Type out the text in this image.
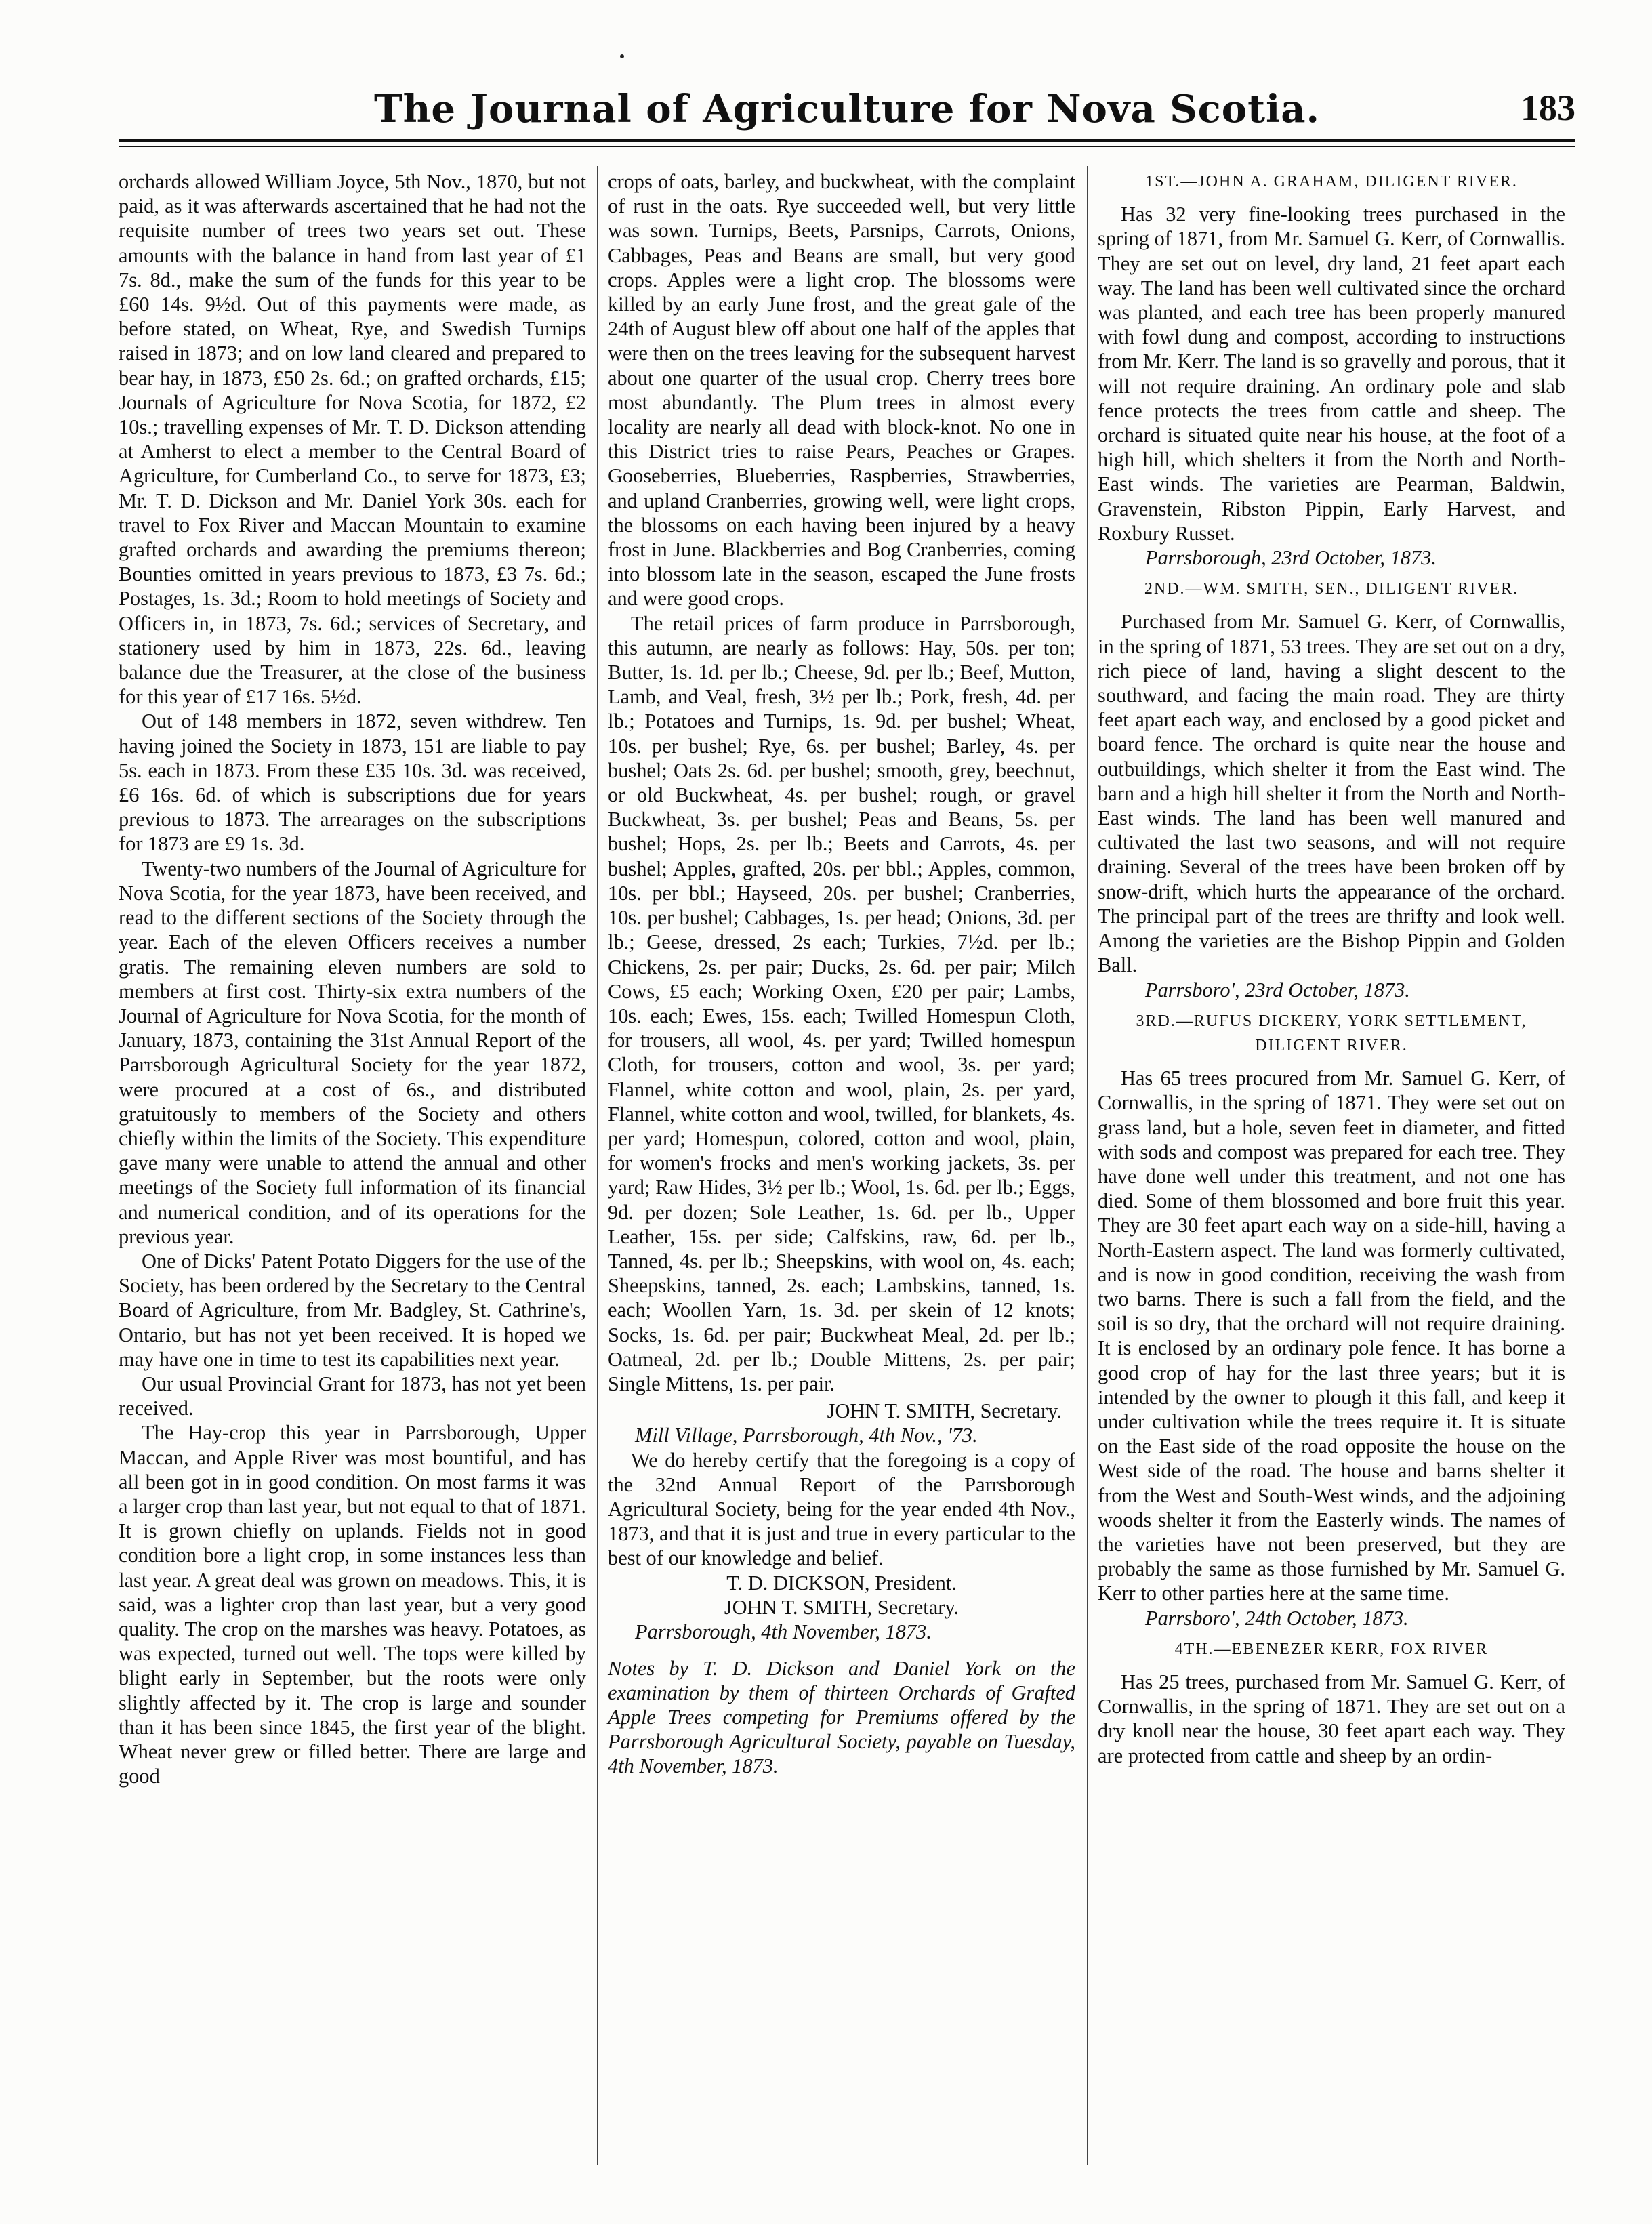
The Journal of Agriculture for Nova Scotia.	183

orchards allowed William Joyce, 5th Nov., 1870, but not paid, as it was afterwards ascertained that he had not the requisite number of trees two years set out. These amounts with the balance in hand from last year of £1 7s. 8d., make the sum of the funds for this year to be £60 14s. 9½d. Out of this payments were made, as before stated, on Wheat, Rye, and Swedish Turnips raised in 1873; and on low land cleared and prepared to bear hay, in 1873, £50 2s. 6d.; on grafted orchards, £15; Journals of Agriculture for Nova Scotia, for 1872, £2 10s.; travelling expenses of Mr. T. D. Dickson attending at Amherst to elect a member to the Central Board of Agriculture, for Cumberland Co., to serve for 1873, £3; Mr. T. D. Dickson and Mr. Daniel York 30s. each for travel to Fox River and Maccan Mountain to examine grafted orchards and awarding the premiums thereon; Bounties omitted in years previous to 1873, £3 7s. 6d.; Postages, 1s. 3d.; Room to hold meetings of Society and Officers in, in 1873, 7s. 6d.; services of Secretary, and stationery used by him in 1873, 22s. 6d., leaving balance due the Treasurer, at the close of the business for this year of £17 16s. 5½d.

Out of 148 members in 1872, seven withdrew. Ten having joined the Society in 1873, 151 are liable to pay 5s. each in 1873. From these £35 10s. 3d. was received, £6 16s. 6d. of which is subscriptions due for years previous to 1873. The arrearages on the subscriptions for 1873 are £9 1s. 3d.

Twenty-two numbers of the Journal of Agriculture for Nova Scotia, for the year 1873, have been received, and read to the different sections of the Society through the year. Each of the eleven Officers receives a number gratis. The remaining eleven numbers are sold to members at first cost. Thirty-six extra numbers of the Journal of Agriculture for Nova Scotia, for the month of January, 1873, containing the 31st Annual Report of the Parrsborough Agricultural Society for the year 1872, were procured at a cost of 6s., and distributed gratuitously to members of the Society and others chiefly within the limits of the Society. This expenditure gave many were unable to attend the annual and other meetings of the Society full information of its financial and numerical condition, and of its operations for the previous year.

One of Dicks' Patent Potato Diggers for the use of the Society, has been ordered by the Secretary to the Central Board of Agriculture, from Mr. Badgley, St. Cathrine's, Ontario, but has not yet been received. It is hoped we may have one in time to test its capabilities next year.

Our usual Provincial Grant for 1873, has not yet been received.

The Hay-crop this year in Parrsborough, Upper Maccan, and Apple River was most bountiful, and has all been got in in good condition. On most farms it was a larger crop than last year, but not equal to that of 1871. It is grown chiefly on uplands. Fields not in good condition bore a light crop, in some instances less than last year. A great deal was grown on meadows. This, it is said, was a lighter crop than last year, but a very good quality. The crop on the marshes was heavy. Potatoes, as was expected, turned out well. The tops were killed by blight early in September, but the roots were only slightly affected by it. The crop is large and sounder than it has been since 1845, the first year of the blight. Wheat never grew or filled better. There are large and good

crops of oats, barley, and buckwheat, with the complaint of rust in the oats. Rye succeeded well, but very little was sown. Turnips, Beets, Parsnips, Carrots, Onions, Cabbages, Peas and Beans are small, but very good crops. Apples were a light crop. The blossoms were killed by an early June frost, and the great gale of the 24th of August blew off about one half of the apples that were then on the trees leaving for the subsequent harvest about one quarter of the usual crop. Cherry trees bore most abundantly. The Plum trees in almost every locality are nearly all dead with block-knot. No one in this District tries to raise Pears, Peaches or Grapes. Gooseberries, Blueberries, Raspberries, Strawberries, and upland Cranberries, growing well, were light crops, the blossoms on each having been injured by a heavy frost in June. Blackberries and Bog Cranberries, coming into blossom late in the season, escaped the June frosts and were good crops.

The retail prices of farm produce in Parrsborough, this autumn, are nearly as follows: Hay, 50s. per ton; Butter, 1s. 1d. per lb.; Cheese, 9d. per lb.; Beef, Mutton, Lamb, and Veal, fresh, 3½ per lb.; Pork, fresh, 4d. per lb.; Potatoes and Turnips, 1s. 9d. per bushel; Wheat, 10s. per bushel; Rye, 6s. per bushel; Barley, 4s. per bushel; Oats 2s. 6d. per bushel; smooth, grey, beechnut, or old Buckwheat, 4s. per bushel; rough, or gravel Buckwheat, 3s. per bushel; Peas and Beans, 5s. per bushel; Hops, 2s. per lb.; Beets and Carrots, 4s. per bushel; Apples, grafted, 20s. per bbl.; Apples, common, 10s. per bbl.; Hayseed, 20s. per bushel; Cranberries, 10s. per bushel; Cabbages, 1s. per head; Onions, 3d. per lb.; Geese, dressed, 2s each; Turkies, 7½d. per lb.; Chickens, 2s. per pair; Ducks, 2s. 6d. per pair; Milch Cows, £5 each; Working Oxen, £20 per pair; Lambs, 10s. each; Ewes, 15s. each; Twilled Homespun Cloth, for trousers, all wool, 4s. per yard; Twilled homespun Cloth, for trousers, cotton and wool, 3s. per yard; Flannel, white cotton and wool, plain, 2s. per yard, Flannel, white cotton and wool, twilled, for blankets, 4s. per yard; Homespun, colored, cotton and wool, plain, for women's frocks and men's working jackets, 3s. per yard; Raw Hides, 3½ per lb.; Wool, 1s. 6d. per lb.; Eggs, 9d. per dozen; Sole Leather, 1s. 6d. per lb., Upper Leather, 15s. per side; Calfskins, raw, 6d. per lb., Tanned, 4s. per lb.; Sheepskins, with wool on, 4s. each; Sheepskins, tanned, 2s. each; Lambskins, tanned, 1s. each; Woollen Yarn, 1s. 3d. per skein of 12 knots; Socks, 1s. 6d. per pair; Buckwheat Meal, 2d. per lb.; Oatmeal, 2d. per lb.; Double Mittens, 2s. per pair; Single Mittens, 1s. per pair.

JOHN T. SMITH, Secretary.

Mill Village, Parrsborough, 4th Nov., '73.

We do hereby certify that the foregoing is a copy of the 32nd Annual Report of the Parrsborough Agricultural Society, being for the year ended 4th Nov., 1873, and that it is just and true in every particular to the best of our knowledge and belief.

T. D. DICKSON, President.

JOHN T. SMITH, Secretary.

Parrsborough, 4th November, 1873.

Notes by T. D. Dickson and Daniel York on the examination by them of thirteen Orchards of Grafted Apple Trees competing for Premiums offered by the Parrsborough Agricultural Society, payable on Tuesday, 4th November, 1873.

1ST.—JOHN A. GRAHAM, DILIGENT RIVER.

Has 32 very fine-looking trees purchased in the spring of 1871, from Mr. Samuel G. Kerr, of Cornwallis. They are set out on level, dry land, 21 feet apart each way. The land has been well cultivated since the orchard was planted, and each tree has been properly manured with fowl dung and compost, according to instructions from Mr. Kerr. The land is so gravelly and porous, that it will not require draining. An ordinary pole and slab fence protects the trees from cattle and sheep. The orchard is situated quite near his house, at the foot of a high hill, which shelters it from the North and North-East winds. The varieties are Pearman, Baldwin, Gravenstein, Ribston Pippin, Early Harvest, and Roxbury Russet.

Parrsborough, 23rd October, 1873.

2ND.—WM. SMITH, SEN., DILIGENT RIVER.

Purchased from Mr. Samuel G. Kerr, of Cornwallis, in the spring of 1871, 53 trees. They are set out on a dry, rich piece of land, having a slight descent to the southward, and facing the main road. They are thirty feet apart each way, and enclosed by a good picket and board fence. The orchard is quite near the house and outbuildings, which shelter it from the East wind. The barn and a high hill shelter it from the North and North-East winds. The land has been well manured and cultivated the last two seasons, and will not require draining. Several of the trees have been broken off by snow-drift, which hurts the appearance of the orchard. The principal part of the trees are thrifty and look well. Among the varieties are the Bishop Pippin and Golden Ball.

Parrsboro', 23rd October, 1873.

3RD.—RUFUS DICKERY, YORK SETTLEMENT, DILIGENT RIVER.

Has 65 trees procured from Mr. Samuel G. Kerr, of Cornwallis, in the spring of 1871. They were set out on grass land, but a hole, seven feet in diameter, and fitted with sods and compost was prepared for each tree. They have done well under this treatment, and not one has died. Some of them blossomed and bore fruit this year. They are 30 feet apart each way on a side-hill, having a North-Eastern aspect. The land was formerly cultivated, and is now in good condition, receiving the wash from two barns. There is such a fall from the field, and the soil is so dry, that the orchard will not require draining. It is enclosed by an ordinary pole fence. It has borne a good crop of hay for the last three years; but it is intended by the owner to plough it this fall, and keep it under cultivation while the trees require it. It is situate on the East side of the road opposite the house on the West side of the road. The house and barns shelter it from the West and South-West winds, and the adjoining woods shelter it from the Easterly winds. The names of the varieties have not been preserved, but they are probably the same as those furnished by Mr. Samuel G. Kerr to other parties here at the same time.

Parrsboro', 24th October, 1873.

4TH.—EBENEZER KERR, FOX RIVER

Has 25 trees, purchased from Mr. Samuel G. Kerr, of Cornwallis, in the spring of 1871. They are set out on a dry knoll near the house, 30 feet apart each way. They are protected from cattle and sheep by an ordin-
